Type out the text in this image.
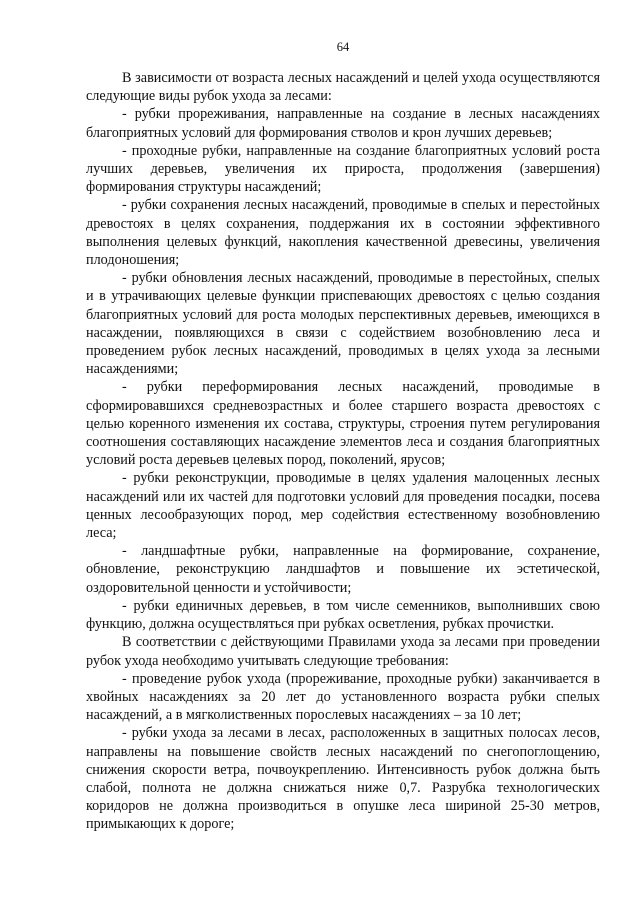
64

В зависимости от возраста лесных насаждений и целей ухода осуществляются следующие виды рубок ухода за лесами:

- рубки прореживания, направленные на создание в лесных насаждениях благоприятных условий для формирования стволов и крон лучших деревьев;

- проходные рубки, направленные на создание благоприятных условий роста лучших деревьев, увеличения их прироста, продолжения (завершения) формирования структуры насаждений;

- рубки сохранения лесных насаждений, проводимые в спелых и перестойных древостоях в целях сохранения, поддержания их в состоянии эффективного выполнения целевых функций, накопления качественной древесины, увеличения плодоношения;

- рубки обновления лесных насаждений, проводимые в перестойных, спелых и в утрачивающих целевые функции приспевающих древостоях с целью создания благоприятных условий для роста молодых перспективных деревьев, имеющихся в насаждении, появляющихся в связи с содействием возобновлению леса и проведением рубок лесных насаждений, проводимых в целях ухода за лесными насаждениями;

- рубки переформирования лесных насаждений, проводимые в сформировавшихся средневозрастных и более старшего возраста древостоях с целью коренного изменения их состава, структуры, строения путем регулирования соотношения составляющих насаждение элементов леса и создания благоприятных условий роста деревьев целевых пород, поколений, ярусов;

- рубки реконструкции, проводимые в целях удаления малоценных лесных насаждений или их частей для подготовки условий для проведения посадки, посева ценных лесообразующих пород, мер содействия естественному возобновлению леса;

- ландшафтные рубки, направленные на формирование, сохранение, обновление, реконструкцию ландшафтов и повышение их эстетической, оздоровительной ценности и устойчивости;

- рубки единичных деревьев, в том числе семенников, выполнивших свою функцию, должна осуществляться при рубках осветления, рубках прочистки.

В соответствии с действующими Правилами ухода за лесами при проведении рубок ухода необходимо учитывать следующие требования:

- проведение рубок ухода (прореживание, проходные рубки) заканчивается в хвойных насаждениях за 20 лет до установленного возраста рубки спелых насаждений, а в мягколиственных порослевых насаждениях – за 10 лет;

- рубки ухода за лесами в лесах, расположенных в защитных полосах лесов, направлены на повышение свойств лесных насаждений по снегопоглощению, снижения скорости ветра, почвоукреплению. Интенсивность рубок должна быть слабой, полнота не должна снижаться ниже 0,7. Разрубка технологических коридоров не должна производиться в опушке леса шириной 25-30 метров, примыкающих к дороге;
